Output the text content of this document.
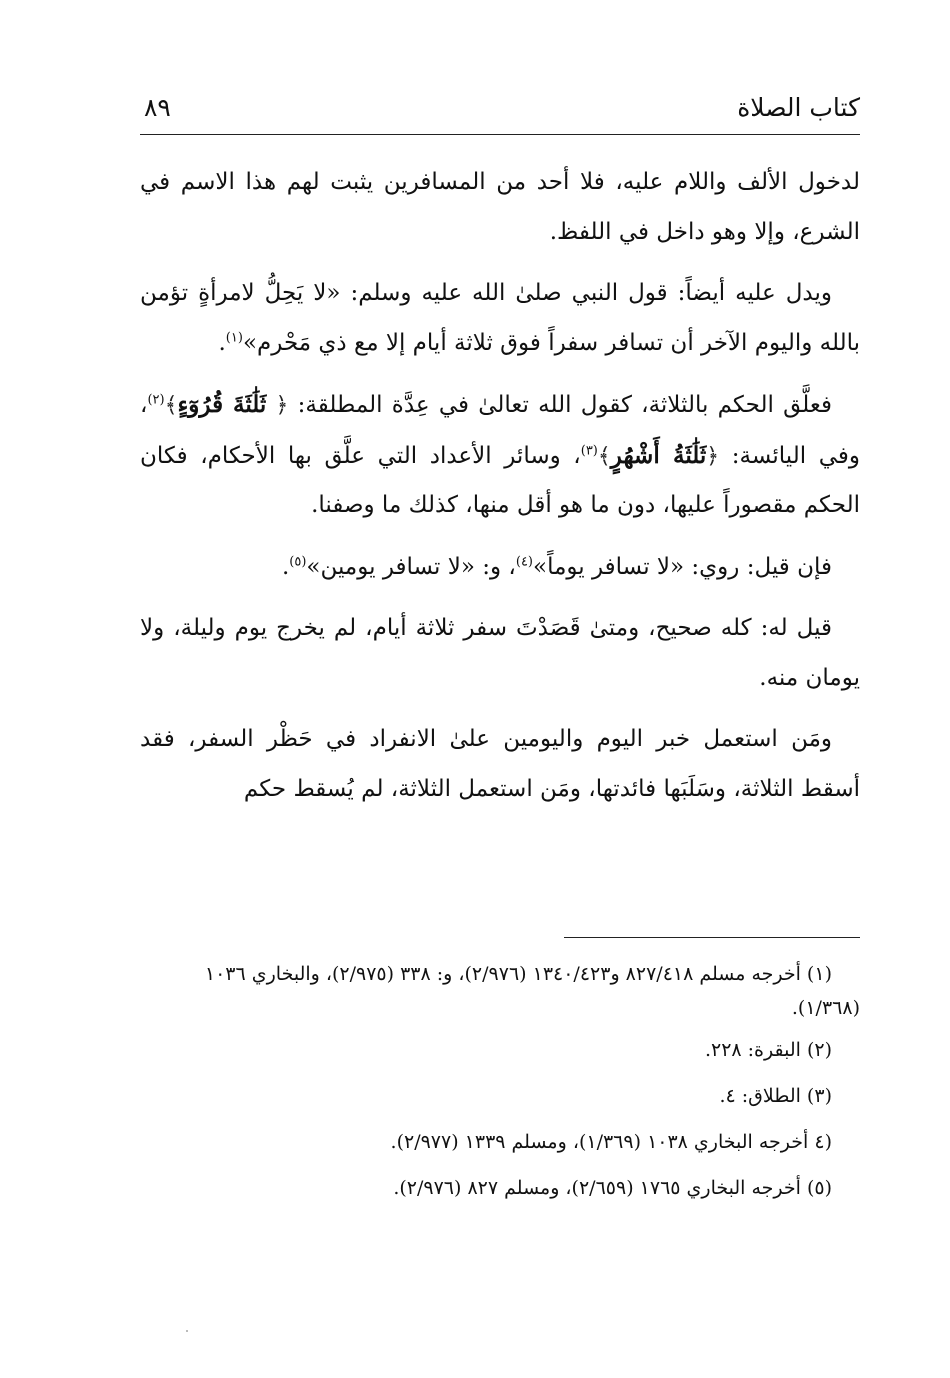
كتاب الصلاة
٨٩

لدخول الألف واللام عليه، فلا أحد من المسافرين يثبت لهم هذا الاسم في الشرع، وإلا وهو داخل في اللفظ.

ويدل عليه أيضاً: قول النبي صلىٰ الله عليه وسلم: «لا يَحِلُّ لامرأةٍ تؤمن بالله واليوم الآخر أن تسافر سفراً فوق ثلاثة أيام إلا مع ذي مَحْرم»$^{(١)}$.

فعلَّق الحكم بالثلاثة، كقول الله تعالىٰ في عِدَّة المطلقة: ﴿ ثَلَٰثَةَ قُرُوٓءٍ﴾$^{(٢)}$، وفي اليائسة: ﴿ثَلَٰثَةُ أَشْهُرٍ﴾$^{(٣)}$، وسائر الأعداد التي علَّق بها الأحكام، فكان الحكم مقصوراً عليها، دون ما هو أقل منها، كذلك ما وصفنا.

فإن قيل: روي: «لا تسافر يوماً»$^{(٤)}$، و: «لا تسافر يومين»$^{(٥)}$.

قيل له: كله صحيح، ومتىٰ قَصَدْتَ سفر ثلاثة أيام، لم يخرج يوم وليلة، ولا يومان منه.

ومَن استعمل خبر اليوم واليومين علىٰ الانفراد في حَظْر السفر، فقد أسقط الثلاثة، وسَلَبَها فائدتها، ومَن استعمل الثلاثة، لم يُسقط حكم

(١) أخرجه مسلم ٨٢٧/٤١٨ و١٣٤٠/٤٢٣ (٢/٩٧٦)، و: ٣٣٨ (٢/٩٧٥)، والبخاري ١٠٣٦ (١/٣٦٨).
(٢) البقرة: ٢٢٨.
(٣) الطلاق: ٤.
(٤ أخرجه البخاري ١٠٣٨ (١/٣٦٩)، ومسلم ١٣٣٩ (٢/٩٧٧).
(٥) أخرجه البخاري ١٧٦٥ (٢/٦٥٩)، ومسلم ٨٢٧ (٢/٩٧٦).
